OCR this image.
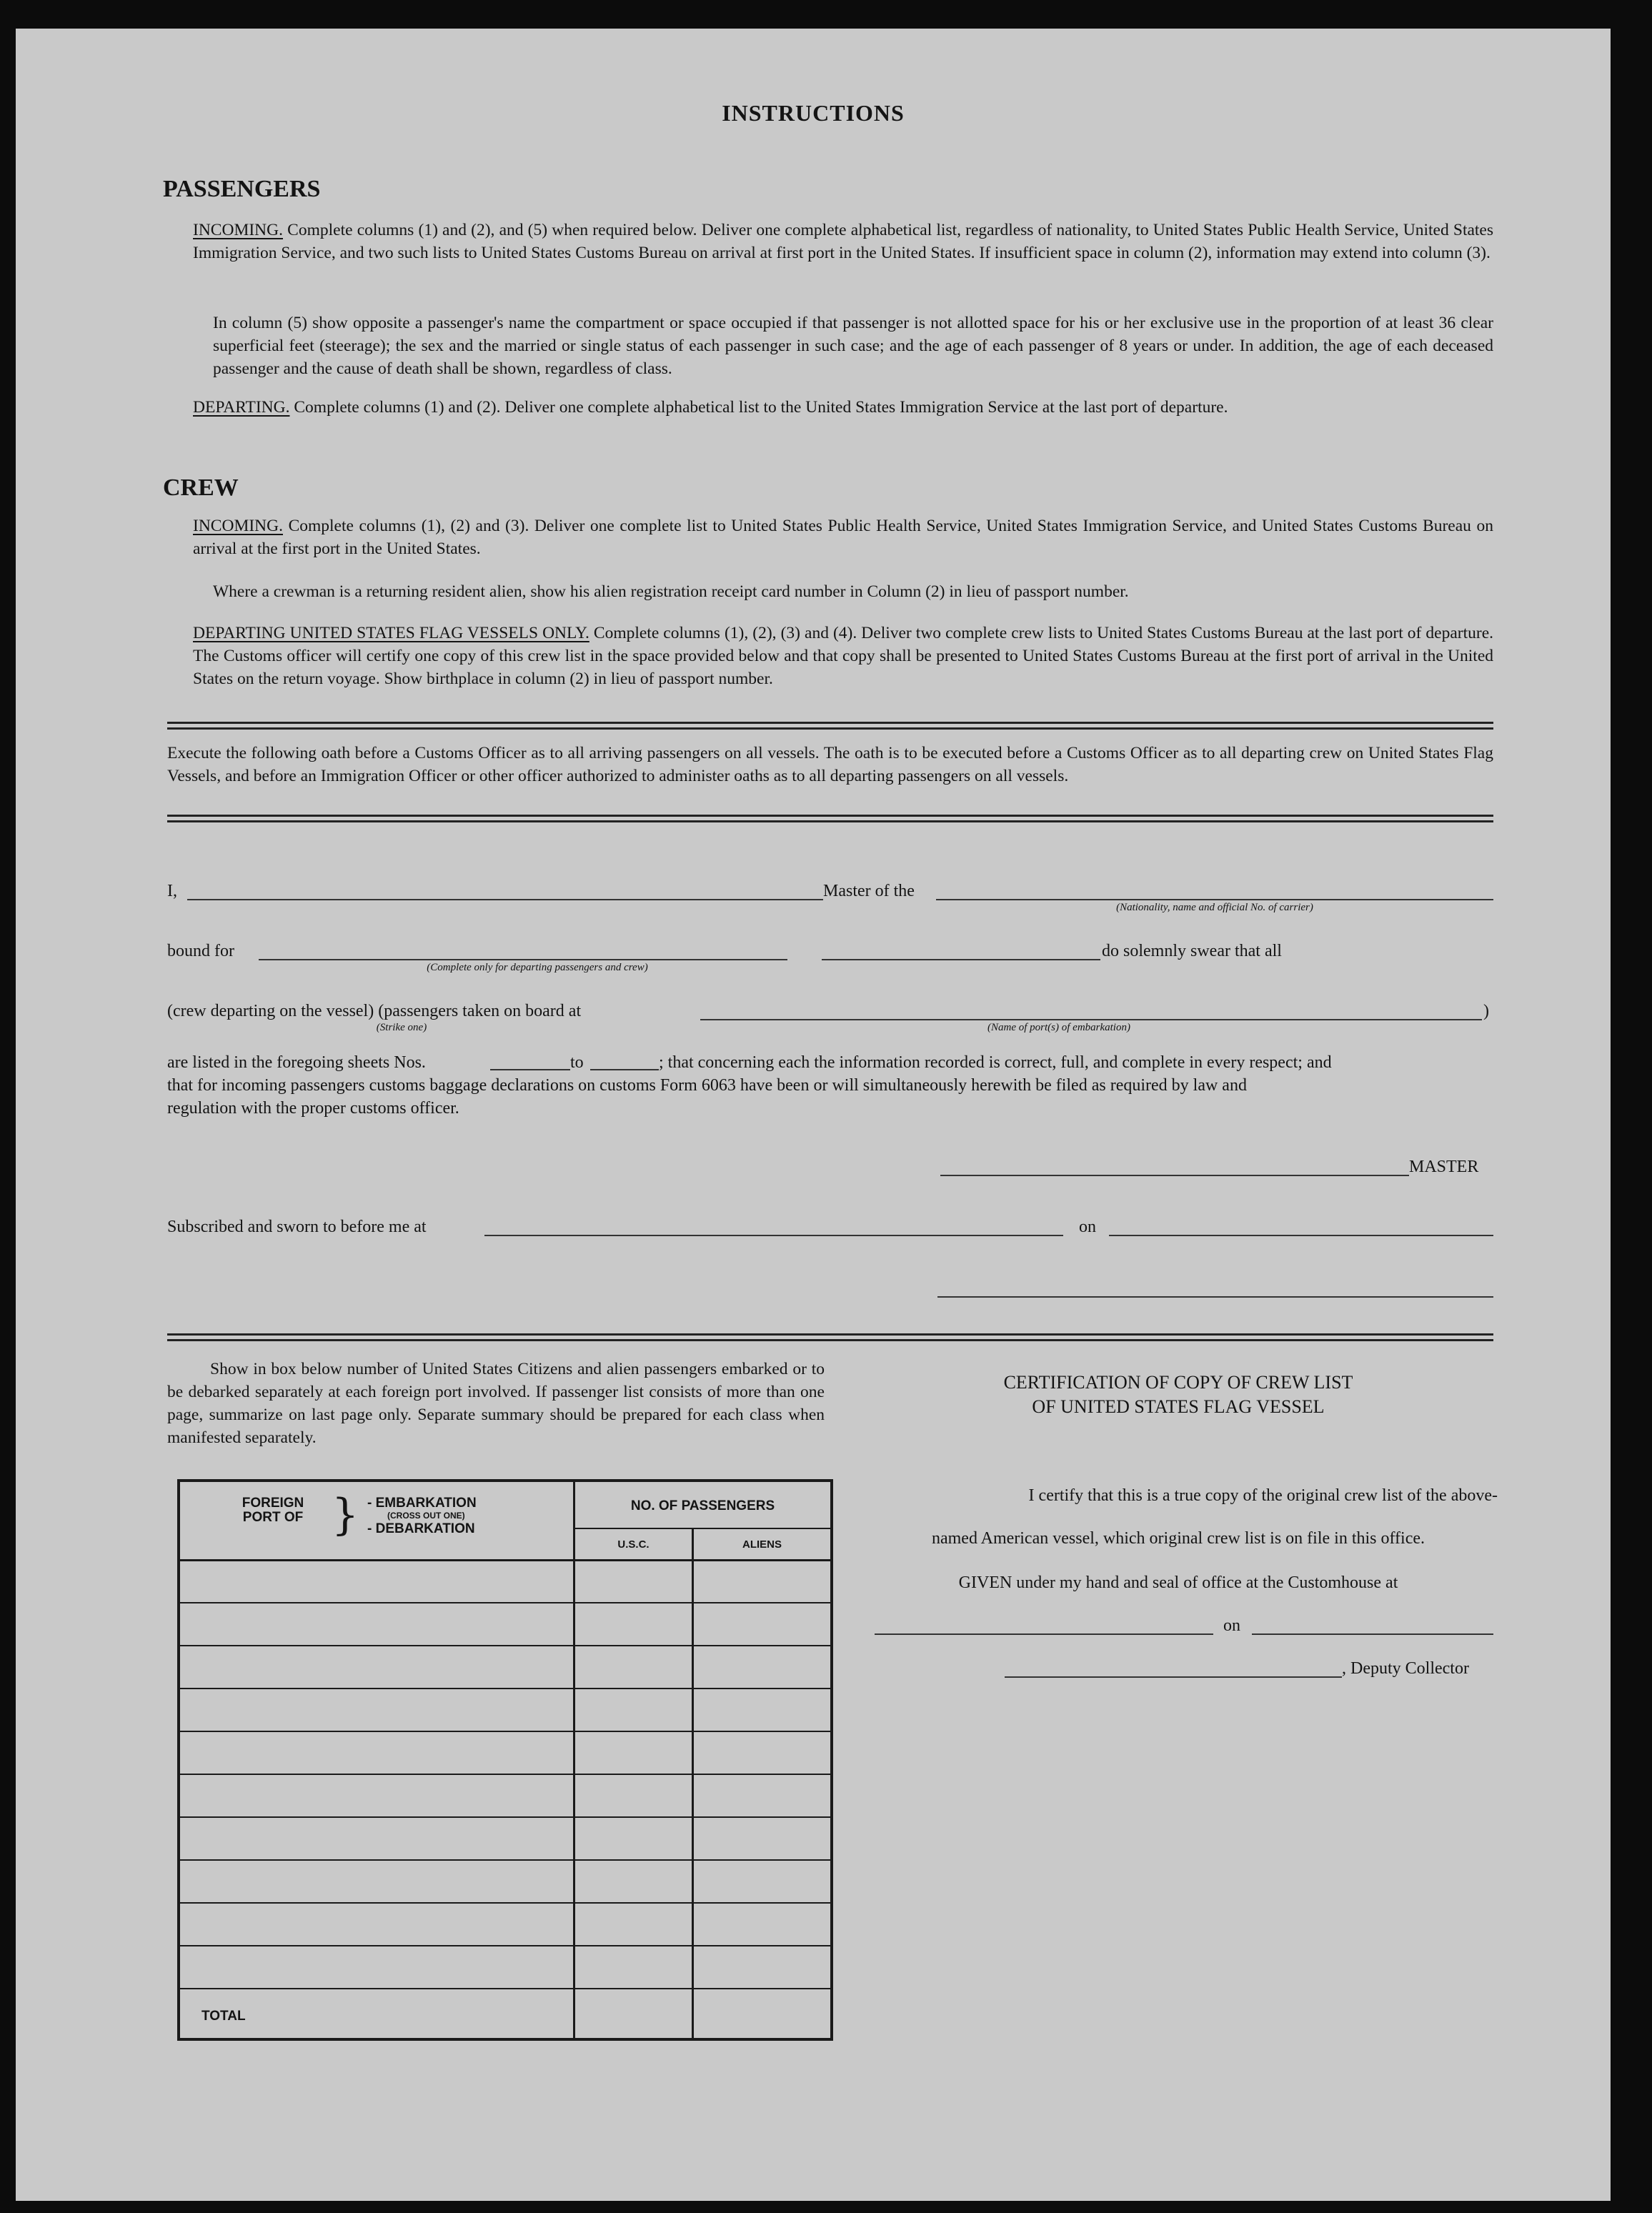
INSTRUCTIONS
PASSENGERS
INCOMING. Complete columns (1) and (2), and (5) when required below. Deliver one complete alphabetical list, regardless of nationality, to United States Public Health Service, United States Immigration Service, and two such lists to United States Customs Bureau on arrival at first port in the United States. If insufficient space in column (2), information may extend into column (3).
In column (5) show opposite a passenger's name the compartment or space occupied if that passenger is not allotted space for his or her exclusive use in the proportion of at least 36 clear superficial feet (steerage); the sex and the married or single status of each passenger in such case; and the age of each passenger of 8 years or under. In addition, the age of each deceased passenger and the cause of death shall be shown, regardless of class.
DEPARTING. Complete columns (1) and (2). Deliver one complete alphabetical list to the United States Immigration Service at the last port of departure.
CREW
INCOMING. Complete columns (1), (2) and (3). Deliver one complete list to United States Public Health Service, United States Immigration Service, and United States Customs Bureau on arrival at the first port in the United States.
Where a crewman is a returning resident alien, show his alien registration receipt card number in Column (2) in lieu of passport number.
DEPARTING UNITED STATES FLAG VESSELS ONLY. Complete columns (1), (2), (3) and (4). Deliver two complete crew lists to United States Customs Bureau at the last port of departure. The Customs officer will certify one copy of this crew list in the space provided below and that copy shall be presented to United States Customs Bureau at the first port of arrival in the United States on the return voyage. Show birthplace in column (2) in lieu of passport number.
Execute the following oath before a Customs Officer as to all arriving passengers on all vessels. The oath is to be executed before a Customs Officer as to all departing crew on United States Flag Vessels, and before an Immigration Officer or other officer authorized to administer oaths as to all departing passengers on all vessels.
I,	Master of the
(Nationality, name and official No. of carrier)
bound for
(Complete only for departing passengers and crew)
do solemnly swear that all
(crew departing on the vessel) (passengers taken on board at	)
(Strike one)	(Name of port(s) of embarkation)
are listed in the foregoing sheets Nos.	to	; that concerning each the information recorded is correct, full, and complete in every respect; and
that for incoming passengers customs baggage declarations on customs Form 6063 have been or will simultaneously herewith be filed as required by law and
regulation with the proper customs officer.
MASTER
Subscribed and sworn to before me at	on
Show in box below number of United States Citizens and alien passengers embarked or to be debarked separately at each foreign port involved. If passenger list consists of more than one page, summarize on last page only. Separate summary should be prepared for each class when manifested separately.
FOREIGN PORT OF } - EMBARKATION
(CROSS OUT ONE)
- DEBARKATION
NO. OF PASSENGERS
U.S.C.	ALIENS
TOTAL
CERTIFICATION OF COPY OF CREW LIST
OF UNITED STATES FLAG VESSEL
I certify that this is a true copy of the original crew list of the above-
named American vessel, which original crew list is on file in this office.
GIVEN under my hand and seal of office at the Customhouse at
on
, Deputy Collector
